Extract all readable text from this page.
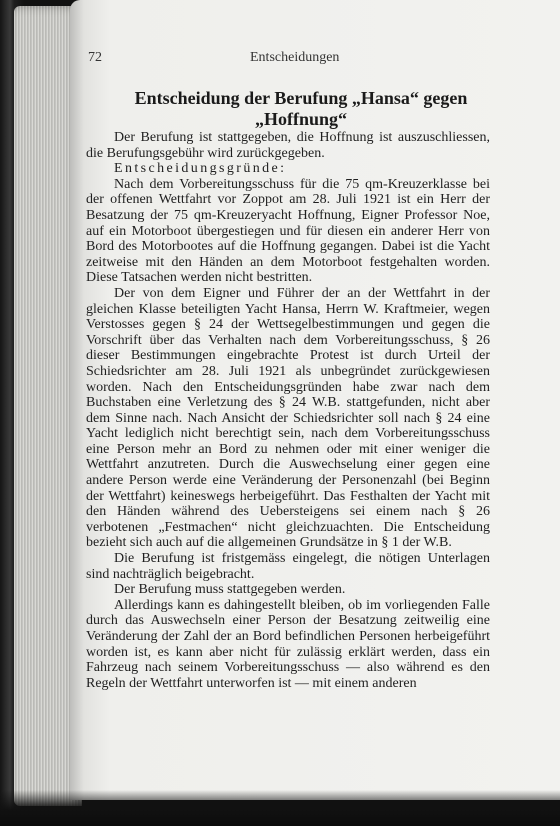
72	Entscheidungen
Entscheidung der Berufung „Hansa“ gegen „Hoffnung“

Der Berufung ist stattgegeben, die Hoffnung ist auszuschliessen, die Berufungsgebühr wird zurückgegeben.

Entscheidungsgründe:

Nach dem Vorbereitungsschuss für die 75 qm-Kreuzerklasse bei der offenen Wettfahrt vor Zoppot am 28. Juli 1921 ist ein Herr der Besatzung der 75 qm-Kreuzeryacht Hoffnung, Eigner Professor Noe, auf ein Motorboot übergestiegen und für diesen ein anderer Herr von Bord des Motorbootes auf die Hoffnung gegangen. Dabei ist die Yacht zeitweise mit den Händen an dem Motorboot festgehalten worden. Diese Tatsachen werden nicht bestritten.

Der von dem Eigner und Führer der an der Wettfahrt in der gleichen Klasse beteiligten Yacht Hansa, Herrn W. Kraftmeier, wegen Verstosses gegen § 24 der Wettsegelbestimmungen und gegen die Vorschrift über das Verhalten nach dem Vorbereitungsschuss, § 26 dieser Bestimmungen eingebrachte Protest ist durch Urteil der Schiedsrichter am 28. Juli 1921 als unbegründet zurückgewiesen worden. Nach den Entscheidungsgründen habe zwar nach dem Buchstaben eine Verletzung des § 24 W.B. stattgefunden, nicht aber dem Sinne nach. Nach Ansicht der Schiedsrichter soll nach § 24 eine Yacht lediglich nicht berechtigt sein, nach dem Vorbereitungsschuss eine Person mehr an Bord zu nehmen oder mit einer weniger die Wettfahrt anzutreten. Durch die Auswechselung einer gegen eine andere Person werde eine Veränderung der Personenzahl (bei Beginn der Wettfahrt) keineswegs herbeigeführt. Das Festhalten der Yacht mit den Händen während des Uebersteigens sei einem nach § 26 verbotenen „Festmachen“ nicht gleichzuachten. Die Entscheidung bezieht sich auch auf die allgemeinen Grundsätze in § 1 der W.B.

Die Berufung ist fristgemäss eingelegt, die nötigen Unterlagen sind nachträglich beigebracht.

Der Berufung muss stattgegeben werden.

Allerdings kann es dahingestellt bleiben, ob im vorliegenden Falle durch das Auswechseln einer Person der Besatzung zeitweilig eine Veränderung der Zahl der an Bord befindlichen Personen herbeigeführt worden ist, es kann aber nicht für zulässig erklärt werden, dass ein Fahrzeug nach seinem Vorbereitungsschuss — also während es den Regeln der Wettfahrt unterworfen ist — mit einem anderen
